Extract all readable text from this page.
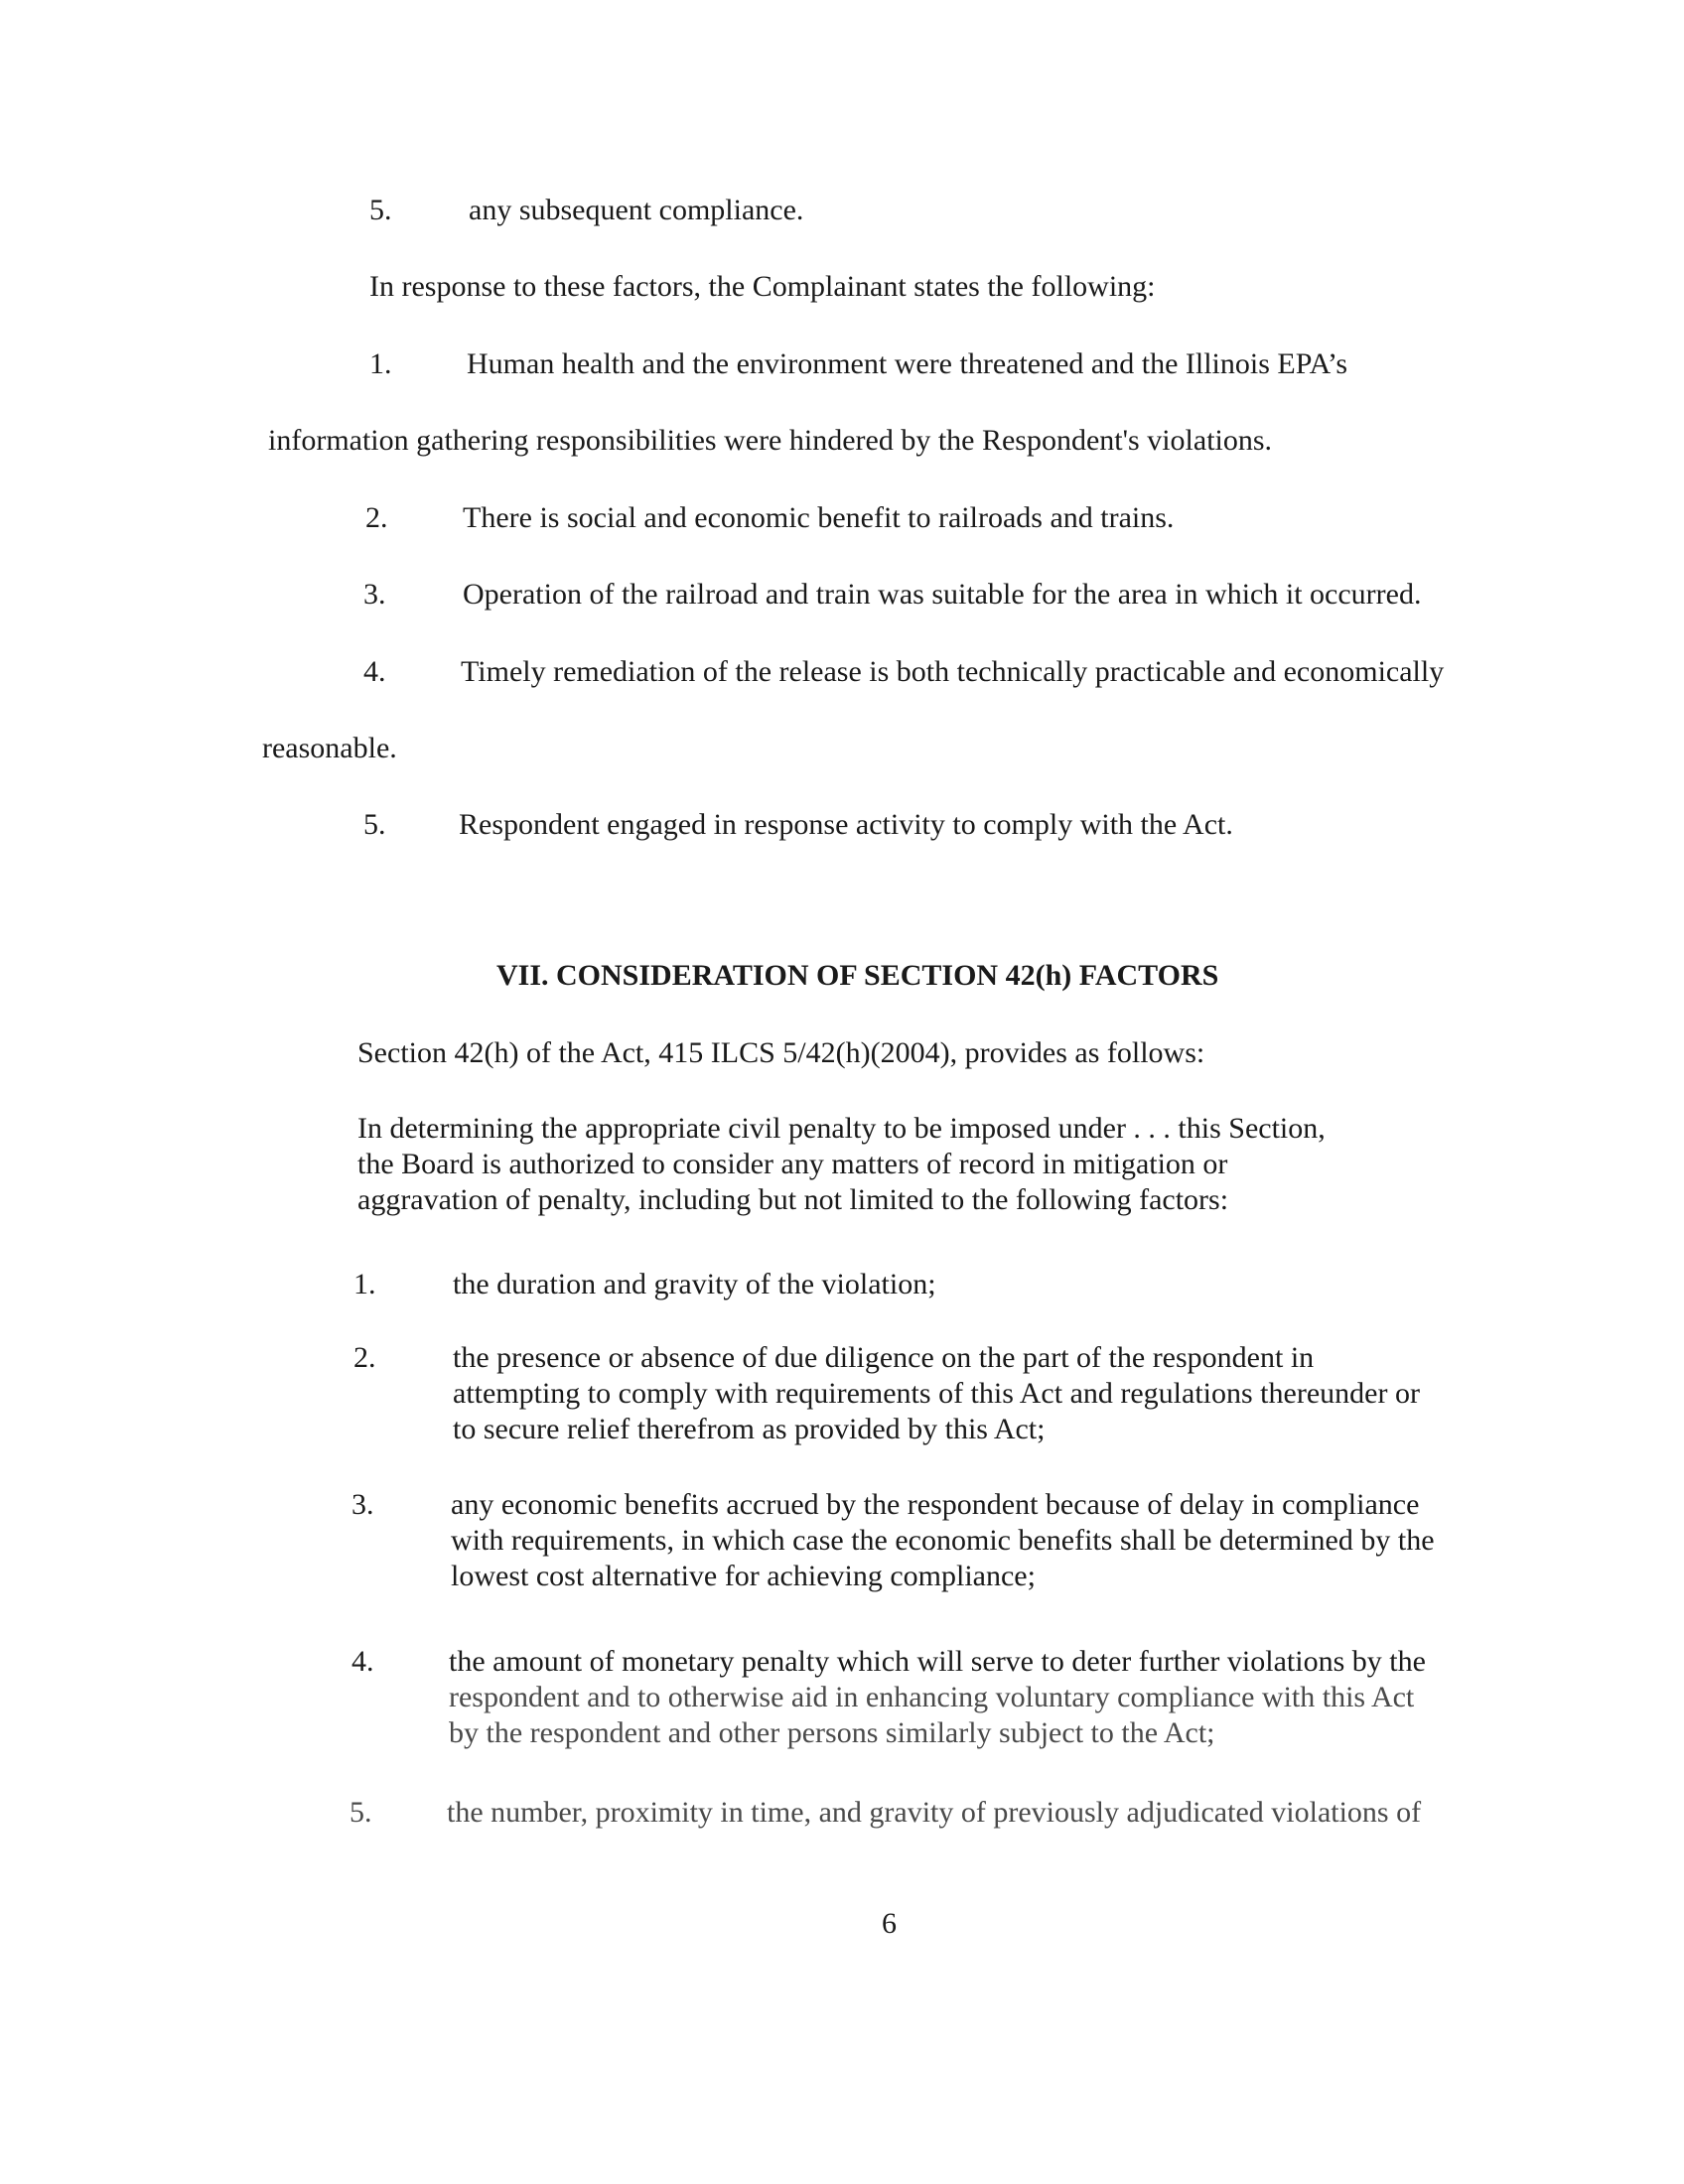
5.	any subsequent compliance.
In response to these factors, the Complainant states the following:
1.	Human health and the environment were threatened and the Illinois EPA’s
information gathering responsibilities were hindered by the Respondent's violations.
2.	There is social and economic benefit to railroads and trains.
3.	Operation of the railroad and train was suitable for the area in which it occurred.
4.	Timely remediation of the release is both technically practicable and economically
reasonable.
5. Respondent engaged in response activity to comply with the Act.
VII. CONSIDERATION OF SECTION 42(h) FACTORS
Section 42(h) of the Act, 415 ILCS 5/42(h)(2004), provides as follows:
In determining the appropriate civil penalty to be imposed under . . . this Section,
the Board is authorized to consider any matters of record in mitigation or
aggravation of penalty, including but not limited to the following factors:
1.	the duration and gravity of the violation;
2.	the presence or absence of due diligence on the part of the respondent in
attempting to comply with requirements of this Act and regulations thereunder or
to secure relief therefrom as provided by this Act;
3.	any economic benefits accrued by the respondent because of delay in compliance
with requirements, in which case the economic benefits shall be determined by the
lowest cost alternative for achieving compliance;
4.	the amount of monetary penalty which will serve to deter further violations by the
respondent and to otherwise aid in enhancing voluntary compliance with this Act
by the respondent and other persons similarly subject to the Act;
5.	the number, proximity in time, and gravity of previously adjudicated violations of
6
